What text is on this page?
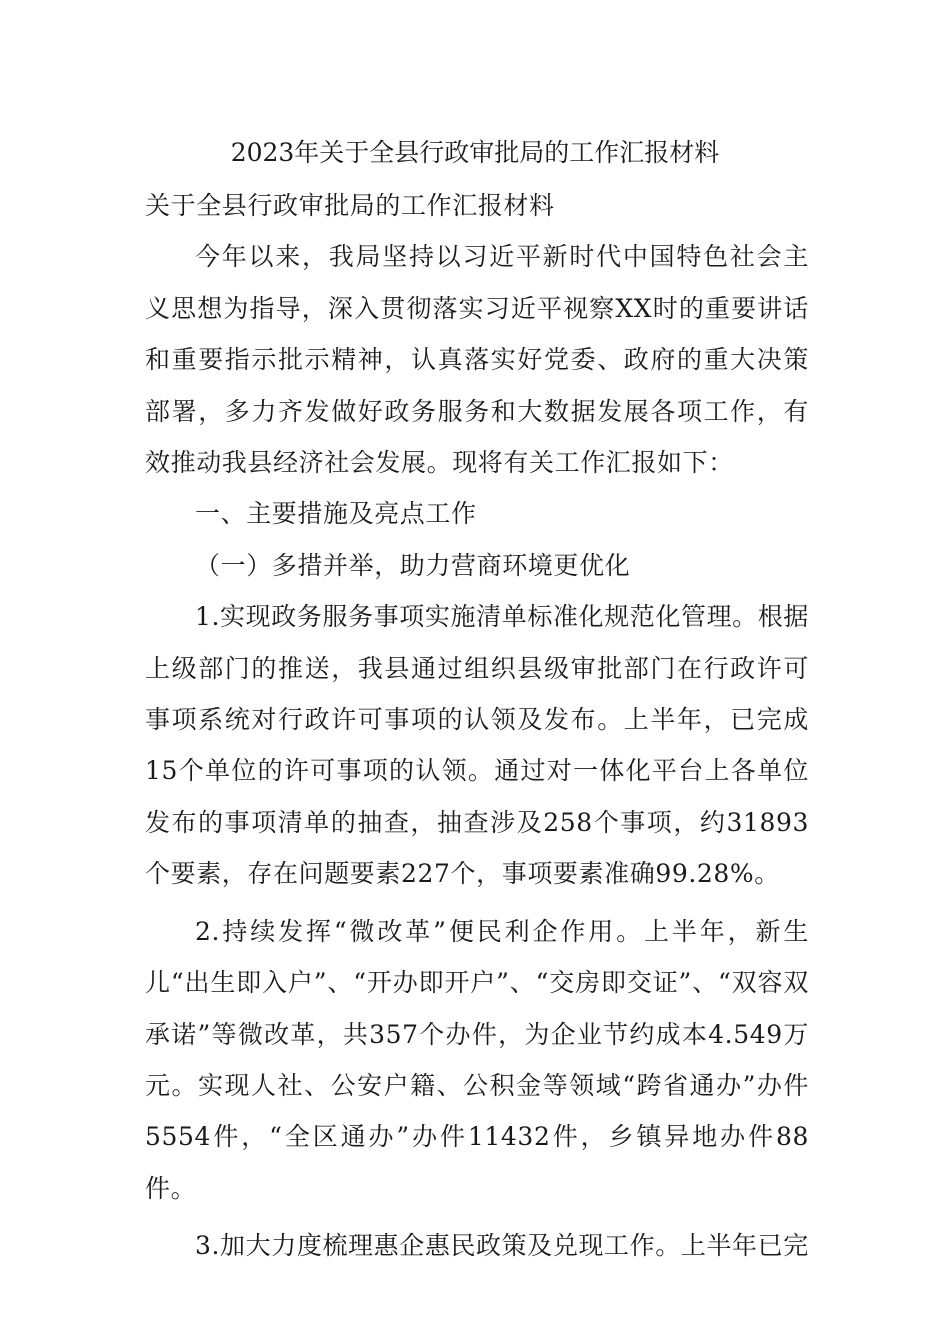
2023年关于全县行政审批局的工作汇报材料

关于全县行政审批局的工作汇报材料

今年以来，我局坚持以习近平新时代中国特色社会主义思想为指导，深入贯彻落实习近平视察XX时的重要讲话和重要指示批示精神，认真落实好党委、政府的重大决策部署，多力齐发做好政务服务和大数据发展各项工作，有效推动我县经济社会发展。现将有关工作汇报如下：

一、主要措施及亮点工作

（一）多措并举，助力营商环境更优化

1.实现政务服务事项实施清单标准化规范化管理。根据上级部门的推送，我县通过组织县级审批部门在行政许可事项系统对行政许可事项的认领及发布。上半年，已完成15个单位的许可事项的认领。通过对一体化平台上各单位发布的事项清单的抽查，抽查涉及258个事项，约31893个要素，存在问题要素227个，事项要素准确99.28%。

2.持续发挥“微改革”便民利企作用。上半年，新生儿“出生即入户”、“开办即开户”、“交房即交证”、“双容双承诺”等微改革，共357个办件，为企业节约成本4.549万元。实现人社、公安户籍、公积金等领域“跨省通办”办件5554件，“全区通办”办件11432件，乡镇异地办件88件。

3.加大力度梳理惠企惠民政策及兑现工作。上半年已完
